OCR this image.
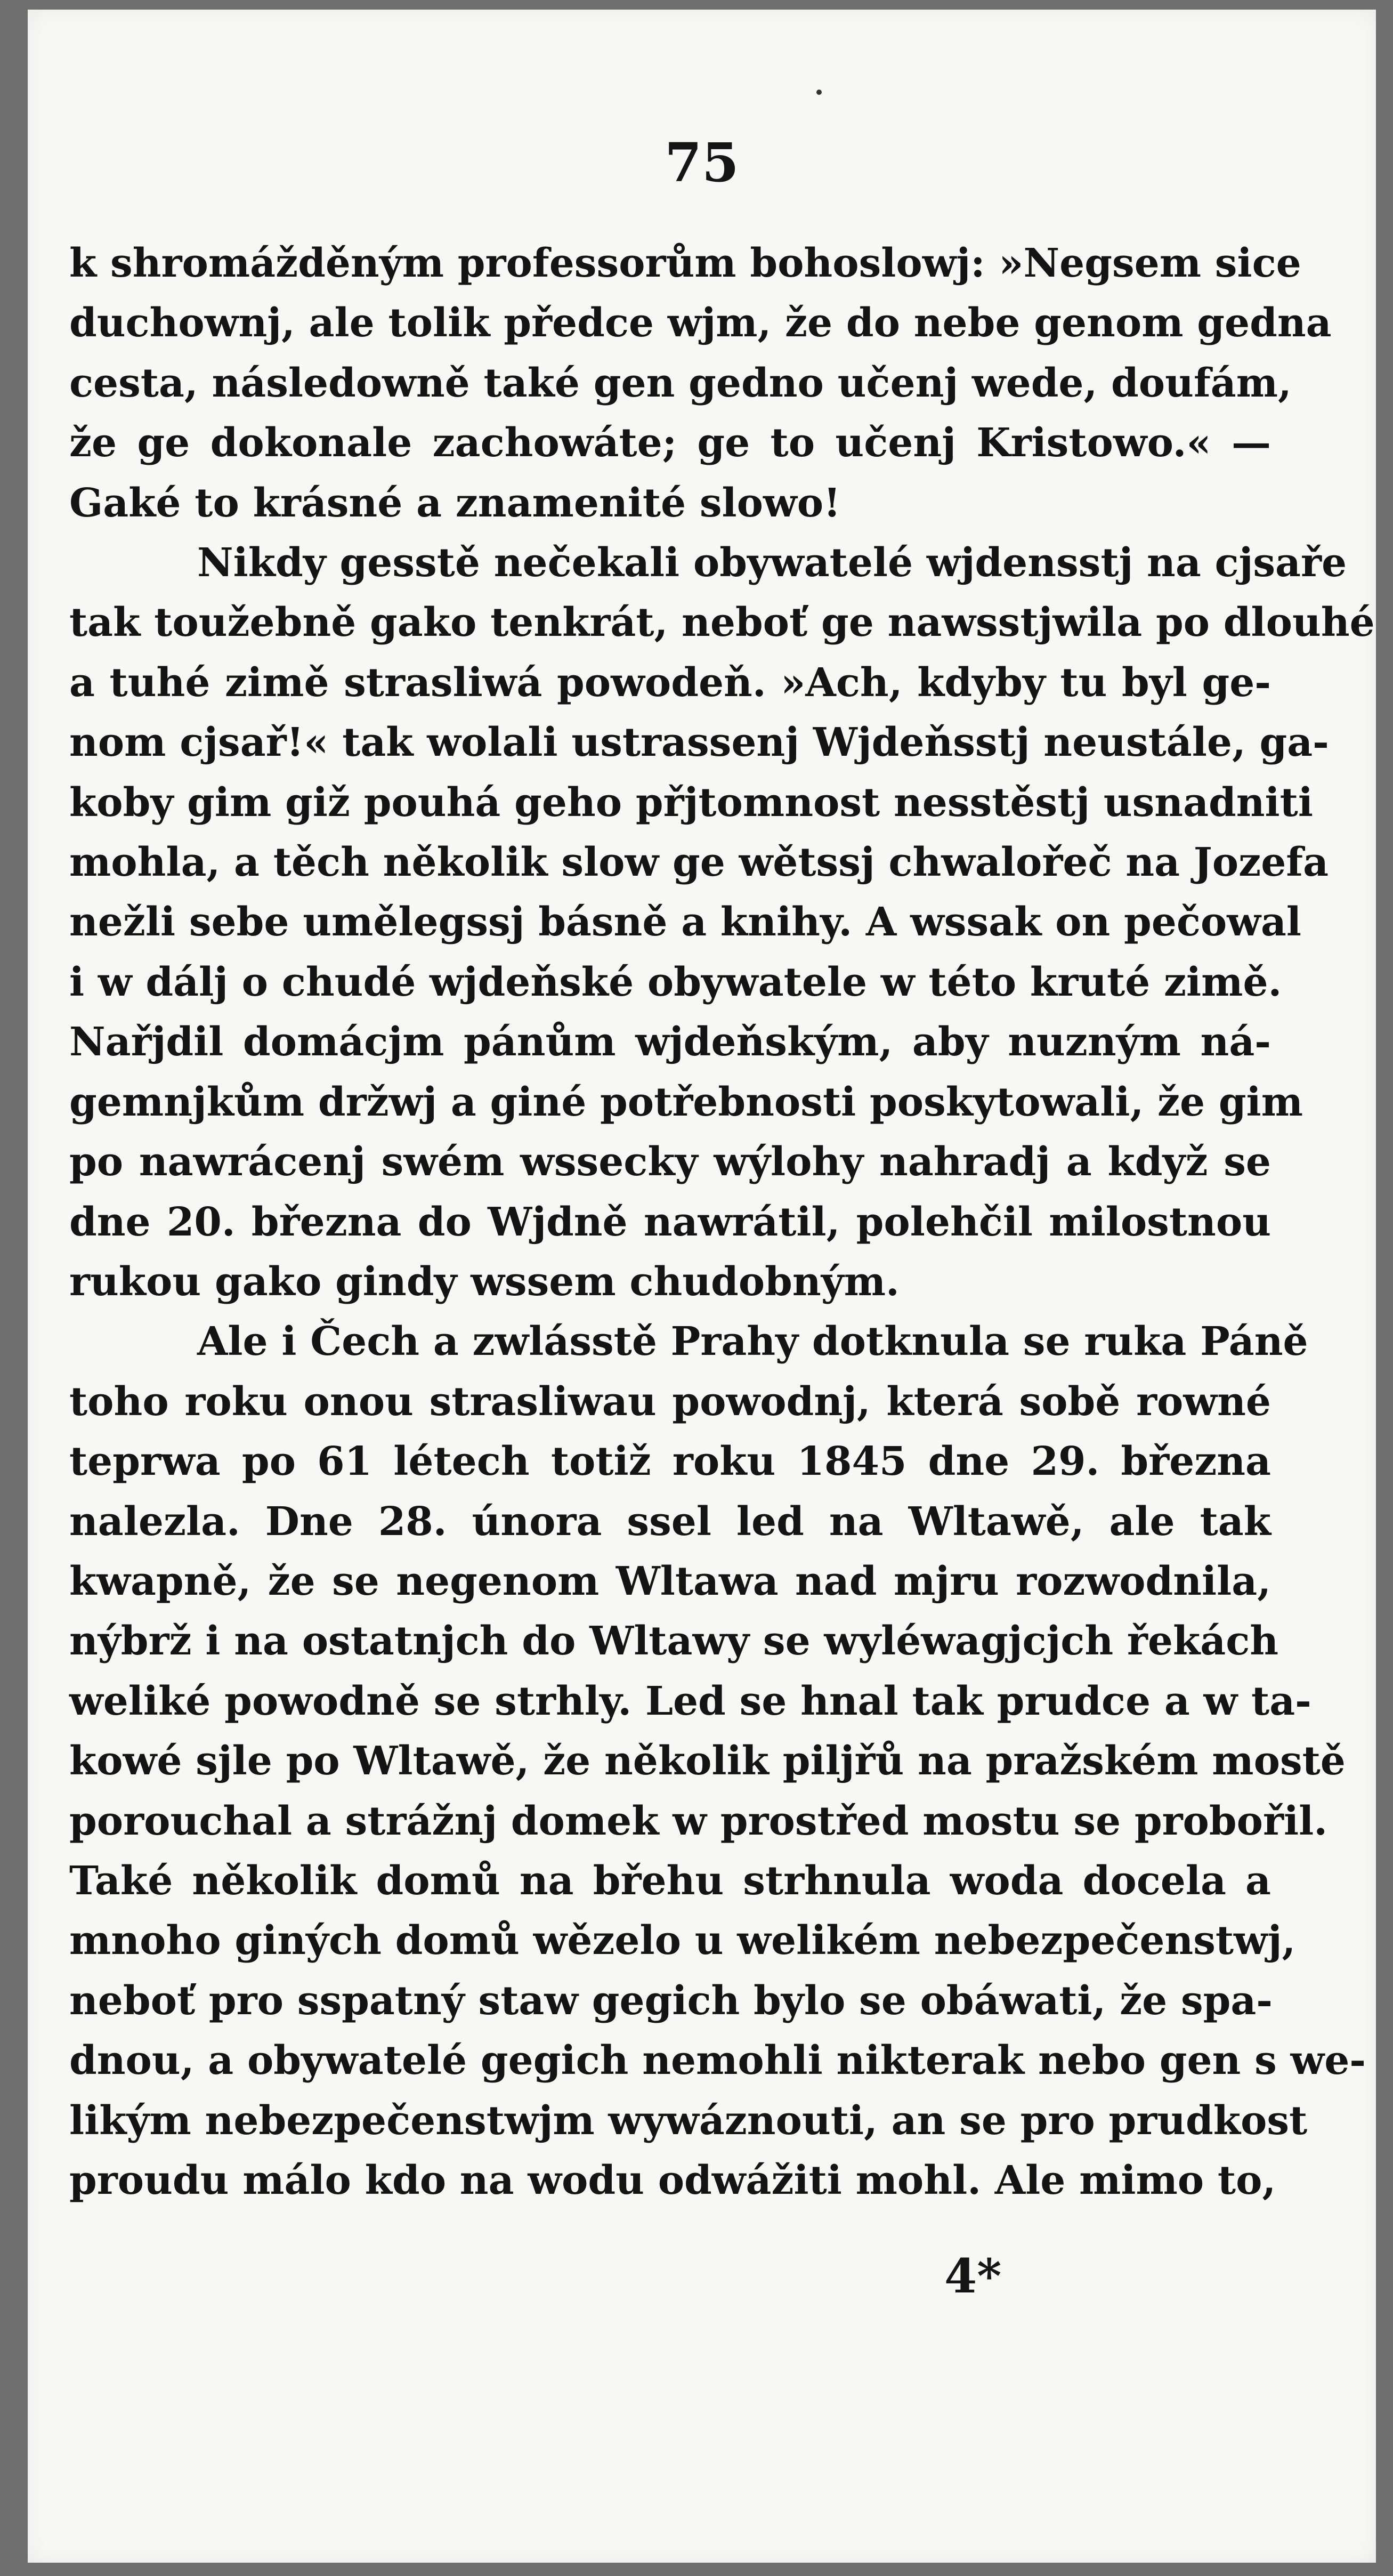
75
k shromážděným professorům bohoslowj: »Negsem sice
duchownj, ale tolik předce wjm, že do nebe genom gedna
cesta, následowně také gen gedno učenj wede, doufám,
že ge dokonale zachowáte; ge to učenj Kristowo.« —
Gaké to krásné a znamenité slowo!
Nikdy gesstě nečekali obywatelé wjdensstj na cjsaře
tak toužebně gako tenkrát, neboť ge nawsstjwila po dlouhé
a tuhé zimě strasliwá powodeň. »Ach, kdyby tu byl ge-
nom cjsař!« tak wolali ustrassenj Wjdeňsstj neustále, ga-
koby gim giž pouhá geho přjtomnost nesstěstj usnadniti
mohla, a těch několik slow ge wětssj chwalořeč na Jozefa
nežli sebe umělegssj básně a knihy. A wssak on pečowal
i w dálj o chudé wjdeňské obywatele w této kruté zimě.
Nařjdil domácjm pánům wjdeňským, aby nuzným ná-
gemnjkům držwj a giné potřebnosti poskytowali, že gim
po nawrácenj swém wssecky wýlohy nahradj a když se
dne 20. března do Wjdně nawrátil, polehčil milostnou
rukou gako gindy wssem chudobným.
Ale i Čech a zwlásstě Prahy dotknula se ruka Páně
toho roku onou strasliwau powodnj, která sobě rowné
teprwa po 61 létech totiž roku 1845 dne 29. března
nalezla. Dne 28. února ssel led na Wltawě, ale tak
kwapně, že se negenom Wltawa nad mjru rozwodnila,
nýbrž i na ostatnjch do Wltawy se wyléwagjcjch řekách
weliké powodně se strhly. Led se hnal tak prudce a w ta-
kowé sjle po Wltawě, že několik piljřů na pražském mostě
porouchal a strážnj domek w prostřed mostu se probořil.
Také několik domů na břehu strhnula woda docela a
mnoho giných domů wězelo u welikém nebezpečenstwj,
neboť pro sspatný staw gegich bylo se obáwati, že spa-
dnou, a obywatelé gegich nemohli nikterak nebo gen s we-
likým nebezpečenstwjm wywáznouti, an se pro prudkost
proudu málo kdo na wodu odwážiti mohl. Ale mimo to,
4*
